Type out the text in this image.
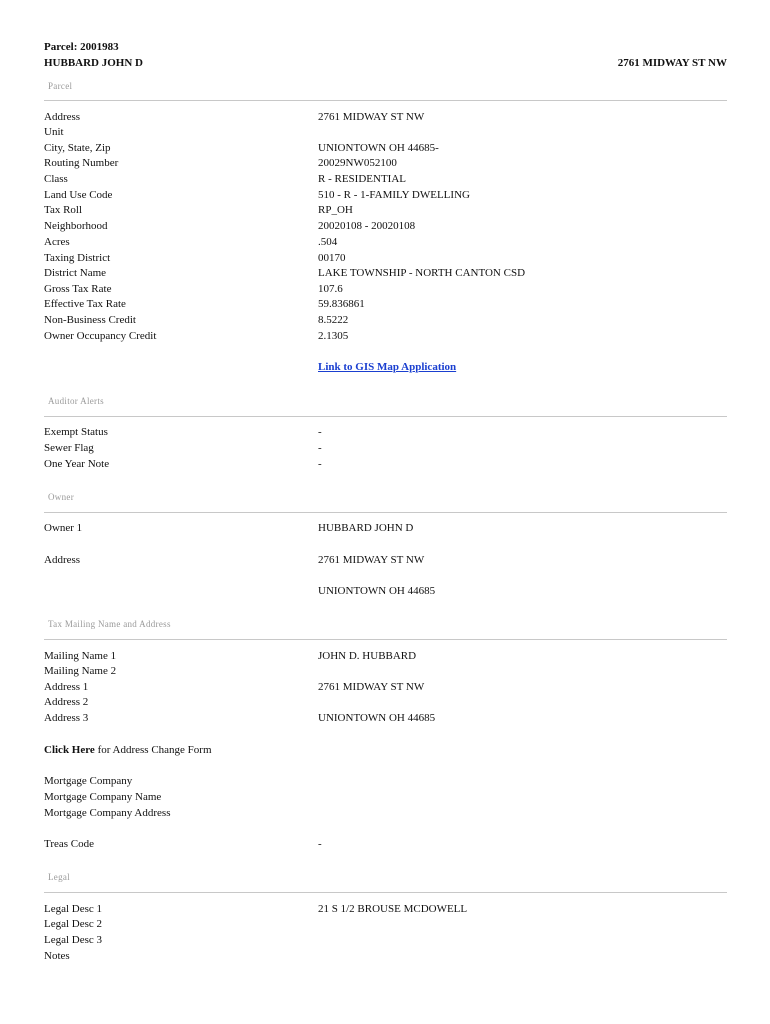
Parcel: 2001983
HUBBARD JOHN D	2761 MIDWAY ST NW
Parcel
Address	2761 MIDWAY ST NW
Unit
City, State, Zip	UNIONTOWN OH 44685-
Routing Number	20029NW052100
Class	R - RESIDENTIAL
Land Use Code	510 - R - 1-FAMILY DWELLING
Tax Roll	RP_OH
Neighborhood	20020108 - 20020108
Acres	.504
Taxing District	00170
District Name	LAKE TOWNSHIP - NORTH CANTON CSD
Gross Tax Rate	107.6
Effective Tax Rate	59.836861
Non-Business Credit	8.5222
Owner Occupancy Credit	2.1305
Link to GIS Map Application
Auditor Alerts
Exempt Status	-
Sewer Flag	-
One Year Note	-
Owner
Owner 1	HUBBARD JOHN D
Address	2761 MIDWAY ST NW
UNIONTOWN OH 44685
Tax Mailing Name and Address
Mailing Name 1	JOHN D. HUBBARD
Mailing Name 2
Address 1	2761 MIDWAY ST NW
Address 2
Address 3	UNIONTOWN OH 44685
Click Here for Address Change Form
Mortgage Company
Mortgage Company Name
Mortgage Company Address
Treas Code	-
Legal
Legal Desc 1	21 S 1/2 BROUSE MCDOWELL
Legal Desc 2
Legal Desc 3
Notes
